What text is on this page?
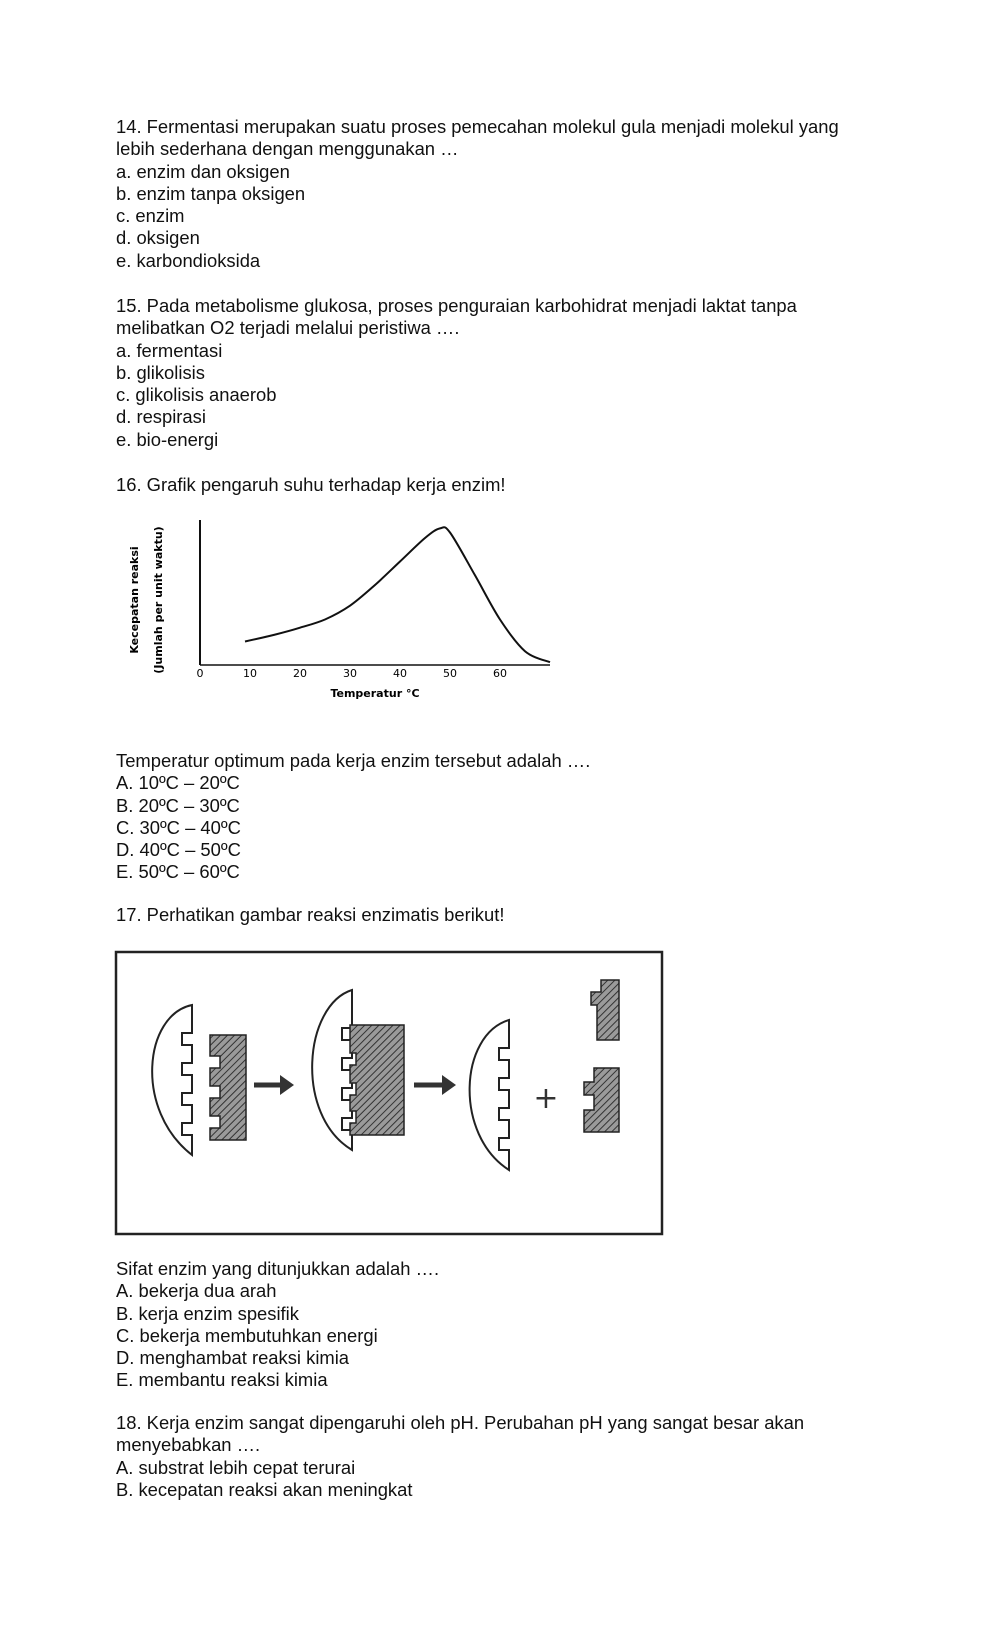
14. Fermentasi merupakan suatu proses pemecahan molekul gula menjadi molekul yang lebih sederhana dengan menggunakan …
a. enzim dan oksigen
b. enzim tanpa oksigen
c. enzim
d. oksigen
e. karbondioksida
15. Pada metabolisme glukosa, proses penguraian karbohidrat menjadi laktat tanpa melibatkan O2 terjadi melalui peristiwa ….
a. fermentasi
b. glikolisis
c. glikolisis anaerob
d. respirasi
e. bio-energi
16. Grafik pengaruh suhu terhadap kerja enzim!
Kecepatan reaksi (Jumlah per unit waktu)	0	10	20	30	40	50	60
Temperatur °C
Temperatur optimum pada kerja enzim tersebut adalah ….
A. 10ºC – 20ºC
B. 20ºC – 30ºC
C. 30ºC – 40ºC
D. 40ºC – 50ºC
E. 50ºC – 60ºC
17. Perhatikan gambar reaksi enzimatis berikut!
+
Sifat enzim yang ditunjukkan adalah ….
A. bekerja dua arah
B. kerja enzim spesifik
C. bekerja membutuhkan energi
D. menghambat reaksi kimia
E. membantu reaksi kimia
18. Kerja enzim sangat dipengaruhi oleh pH. Perubahan pH yang sangat besar akan menyebabkan ….
A. substrat lebih cepat terurai
B. kecepatan reaksi akan meningkat
